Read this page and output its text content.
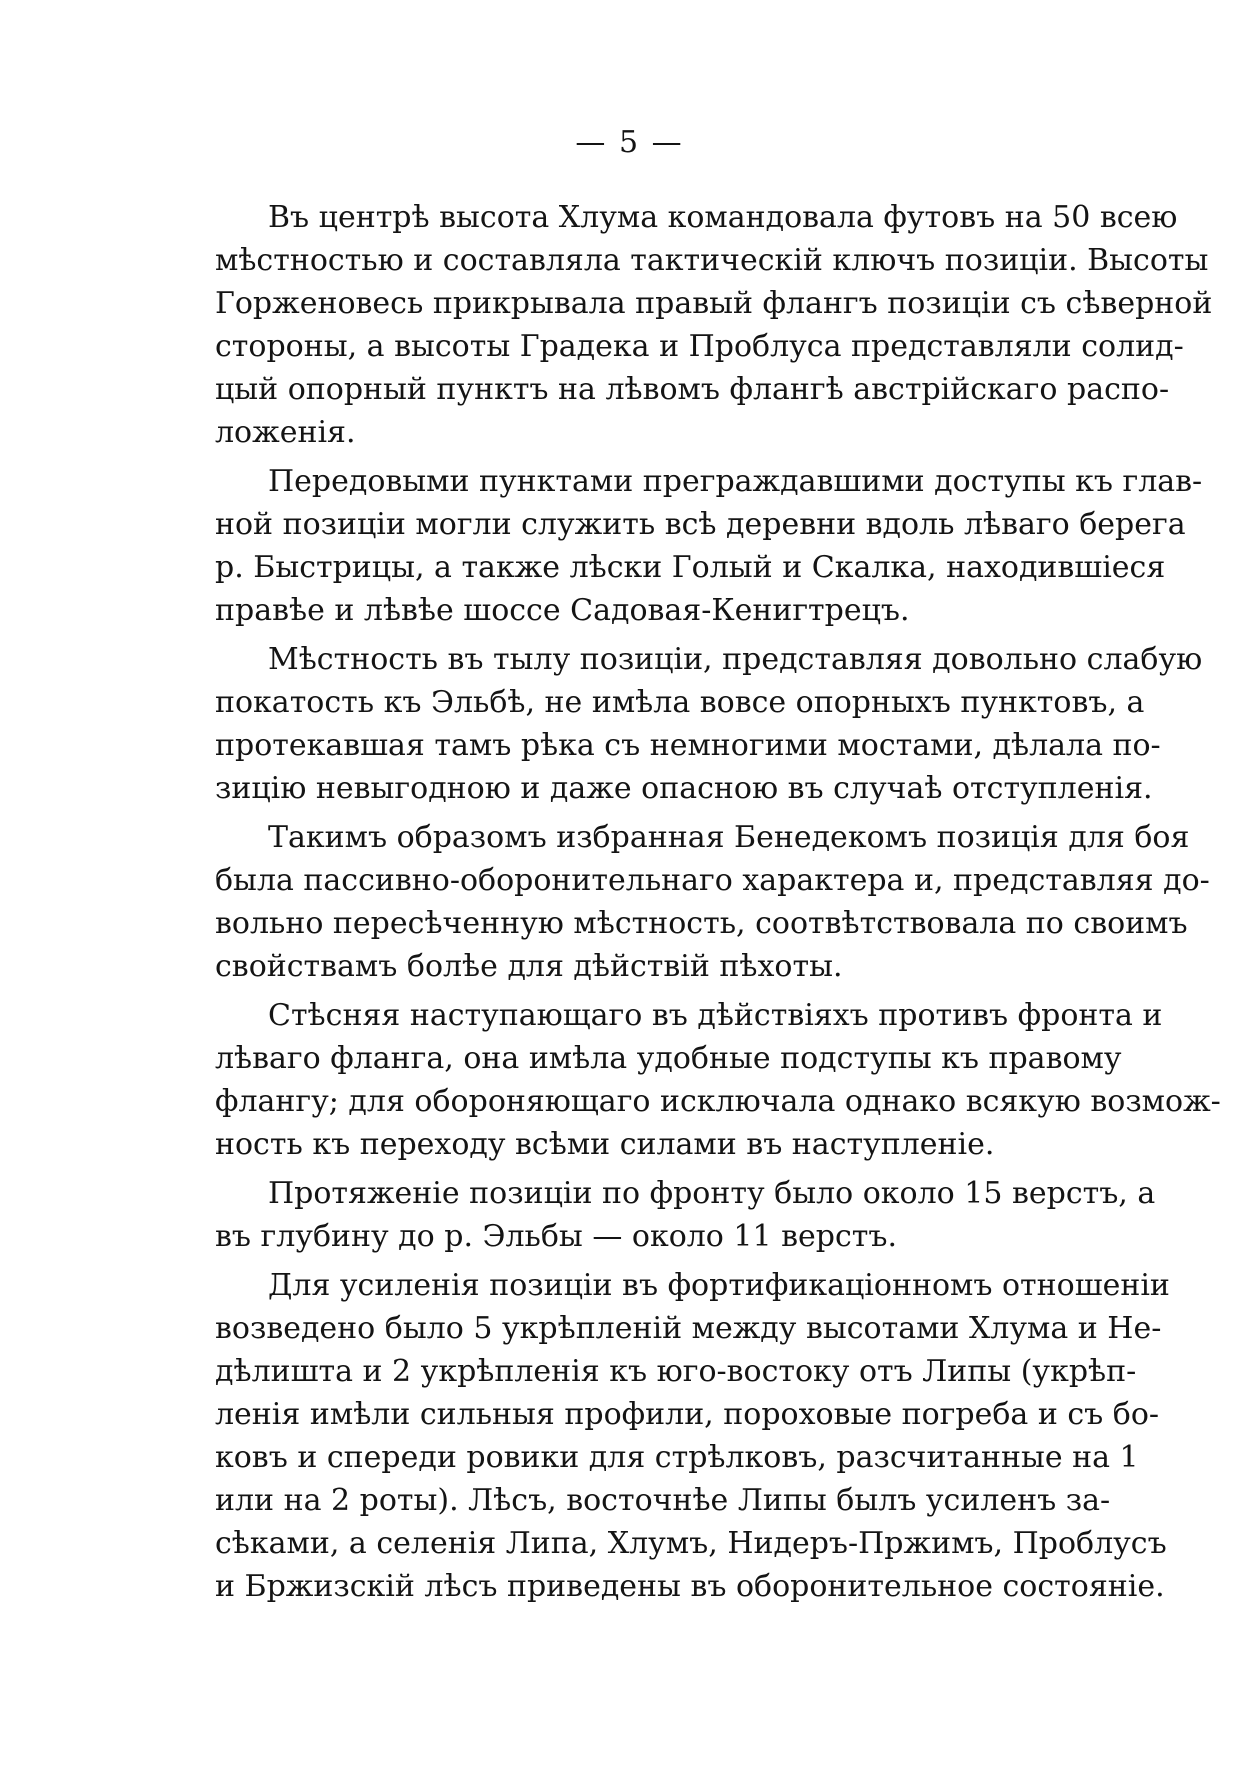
— 5 —
Въ центрѣ высота Хлума командовала футовъ на 50 всею
мѣстностью и составляла тактическiй ключъ позицiи. Высоты
Горженовесь прикрывала правый флангъ позицiи съ сѣверной
стороны, а высоты Градека и Проблуса представляли солид-
цый опорный пунктъ на лѣвомъ флангѣ австрiйскаго распо-
ложенiя.
Передовыми пунктами преграждавшими доступы къ глав-
ной позицiи могли служить всѣ деревни вдоль лѣваго берега
р. Быстрицы, а также лѣски Голый и Скалка, находившiеся
правѣе и лѣвѣе шоссе Садовая-Кенигтрецъ.
Мѣстность въ тылу позицiи, представляя довольно слабую
покатость къ Эльбѣ, не имѣла вовсе опорныхъ пунктовъ, а
протекавшая тамъ рѣка съ немногими мостами, дѣлала по-
зицiю невыгодною и даже опасною въ случаѣ отступленiя.
Такимъ образомъ избранная Бенедекомъ позицiя для боя
была пассивно-оборонительнаго характера и, представляя до-
вольно пересѣченную мѣстность, соотвѣтствовала по своимъ
свойствамъ болѣе для дѣйствiй пѣхоты.
Стѣсняя наступающаго въ дѣйствiяхъ противъ фронта и
лѣваго фланга, она имѣла удобные подступы къ правому
флангу; для обороняющаго исключала однако всякую возмож-
ность къ переходу всѣми силами въ наступленiе.
Протяженiе позицiи по фронту было около 15 верстъ, а
въ глубину до р. Эльбы — около 11 верстъ.
Для усиленiя позицiи въ фортификацiонномъ отношенiи
возведено было 5 укрѣпленiй между высотами Хлума и Не-
дѣлишта и 2 укрѣпленiя къ юго-востоку отъ Липы (укрѣп-
ленiя имѣли сильныя профили, пороховые погреба и съ бо-
ковъ и спереди ровики для стрѣлковъ, разсчитанные на 1
или на 2 роты). Лѣсъ, восточнѣе Липы былъ усиленъ за-
сѣками, а селенiя Липа, Хлумъ, Нидеръ-Пржимъ, Проблусъ
и Бржизскiй лѣсъ приведены въ оборонительное состоянiе.
